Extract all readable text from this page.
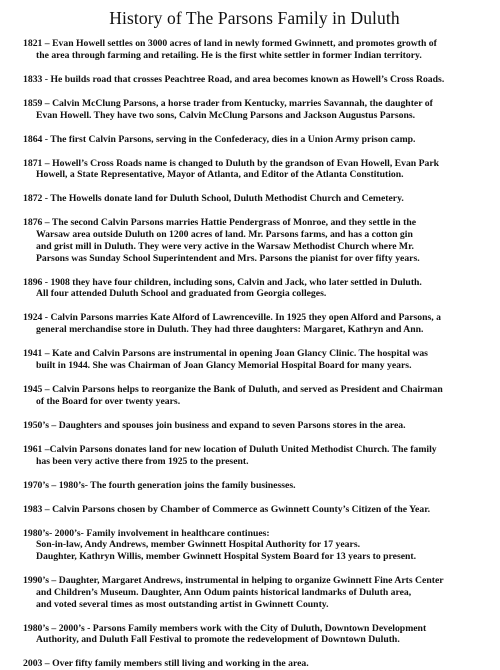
History of The Parsons Family in Duluth
1821 – Evan Howell settles on 3000 acres of land in newly formed Gwinnett, and promotes growth of
the area through farming and retailing. He is the first white settler in former Indian territory.
1833 - He builds road that crosses Peachtree Road, and area becomes known as Howell’s Cross Roads.
1859 – Calvin McClung Parsons, a horse trader from Kentucky, marries Savannah, the daughter of
Evan Howell. They have two sons, Calvin McClung Parsons and Jackson Augustus Parsons.
1864 - The first Calvin Parsons, serving in the Confederacy, dies in a Union Army prison camp.
1871 – Howell’s Cross Roads name is changed to Duluth by the grandson of Evan Howell, Evan Park
Howell, a State Representative, Mayor of Atlanta, and Editor of the Atlanta Constitution.
1872 - The Howells donate land for Duluth School, Duluth Methodist Church and Cemetery.
1876 – The second Calvin Parsons marries Hattie Pendergrass of Monroe, and they settle in the
Warsaw area outside Duluth on 1200 acres of land. Mr. Parsons farms, and has a cotton gin
and grist mill in Duluth. They were very active in the Warsaw Methodist Church where Mr.
Parsons was Sunday School Superintendent and Mrs. Parsons the pianist for over fifty years.
1896 - 1908 they have four children, including sons, Calvin and Jack, who later settled in Duluth.
All four attended Duluth School and graduated from Georgia colleges.
1924 - Calvin Parsons marries Kate Alford of Lawrenceville. In 1925 they open Alford and Parsons, a
general merchandise store in Duluth. They had three daughters: Margaret, Kathryn and Ann.
1941 – Kate and Calvin Parsons are instrumental in opening Joan Glancy Clinic. The hospital was
built in 1944. She was Chairman of Joan Glancy Memorial Hospital Board for many years.
1945 – Calvin Parsons helps to reorganize the Bank of Duluth, and served as President and Chairman
of the Board for over twenty years.
1950’s – Daughters and spouses join business and expand to seven Parsons stores in the area.
1961 –Calvin Parsons donates land for new location of Duluth United Methodist Church. The family
has been very active there from 1925 to the present.
1970’s – 1980’s- The fourth generation joins the family businesses.
1983 – Calvin Parsons chosen by Chamber of Commerce as Gwinnett County’s Citizen of the Year.
1980’s- 2000’s- Family involvement in healthcare continues:
Son-in-law, Andy Andrews, member Gwinnett Hospital Authority for 17 years.
Daughter, Kathryn Willis, member Gwinnett Hospital System Board for 13 years to present.
1990’s – Daughter, Margaret Andrews, instrumental in helping to organize Gwinnett Fine Arts Center
and Children’s Museum. Daughter, Ann Odum paints historical landmarks of Duluth area,
and voted several times as most outstanding artist in Gwinnett County.
1980’s – 2000’s - Parsons Family members work with the City of Duluth, Downtown Development
Authority, and Duluth Fall Festival to promote the redevelopment of Downtown Duluth.
2003 – Over fifty family members still living and working in the area.
